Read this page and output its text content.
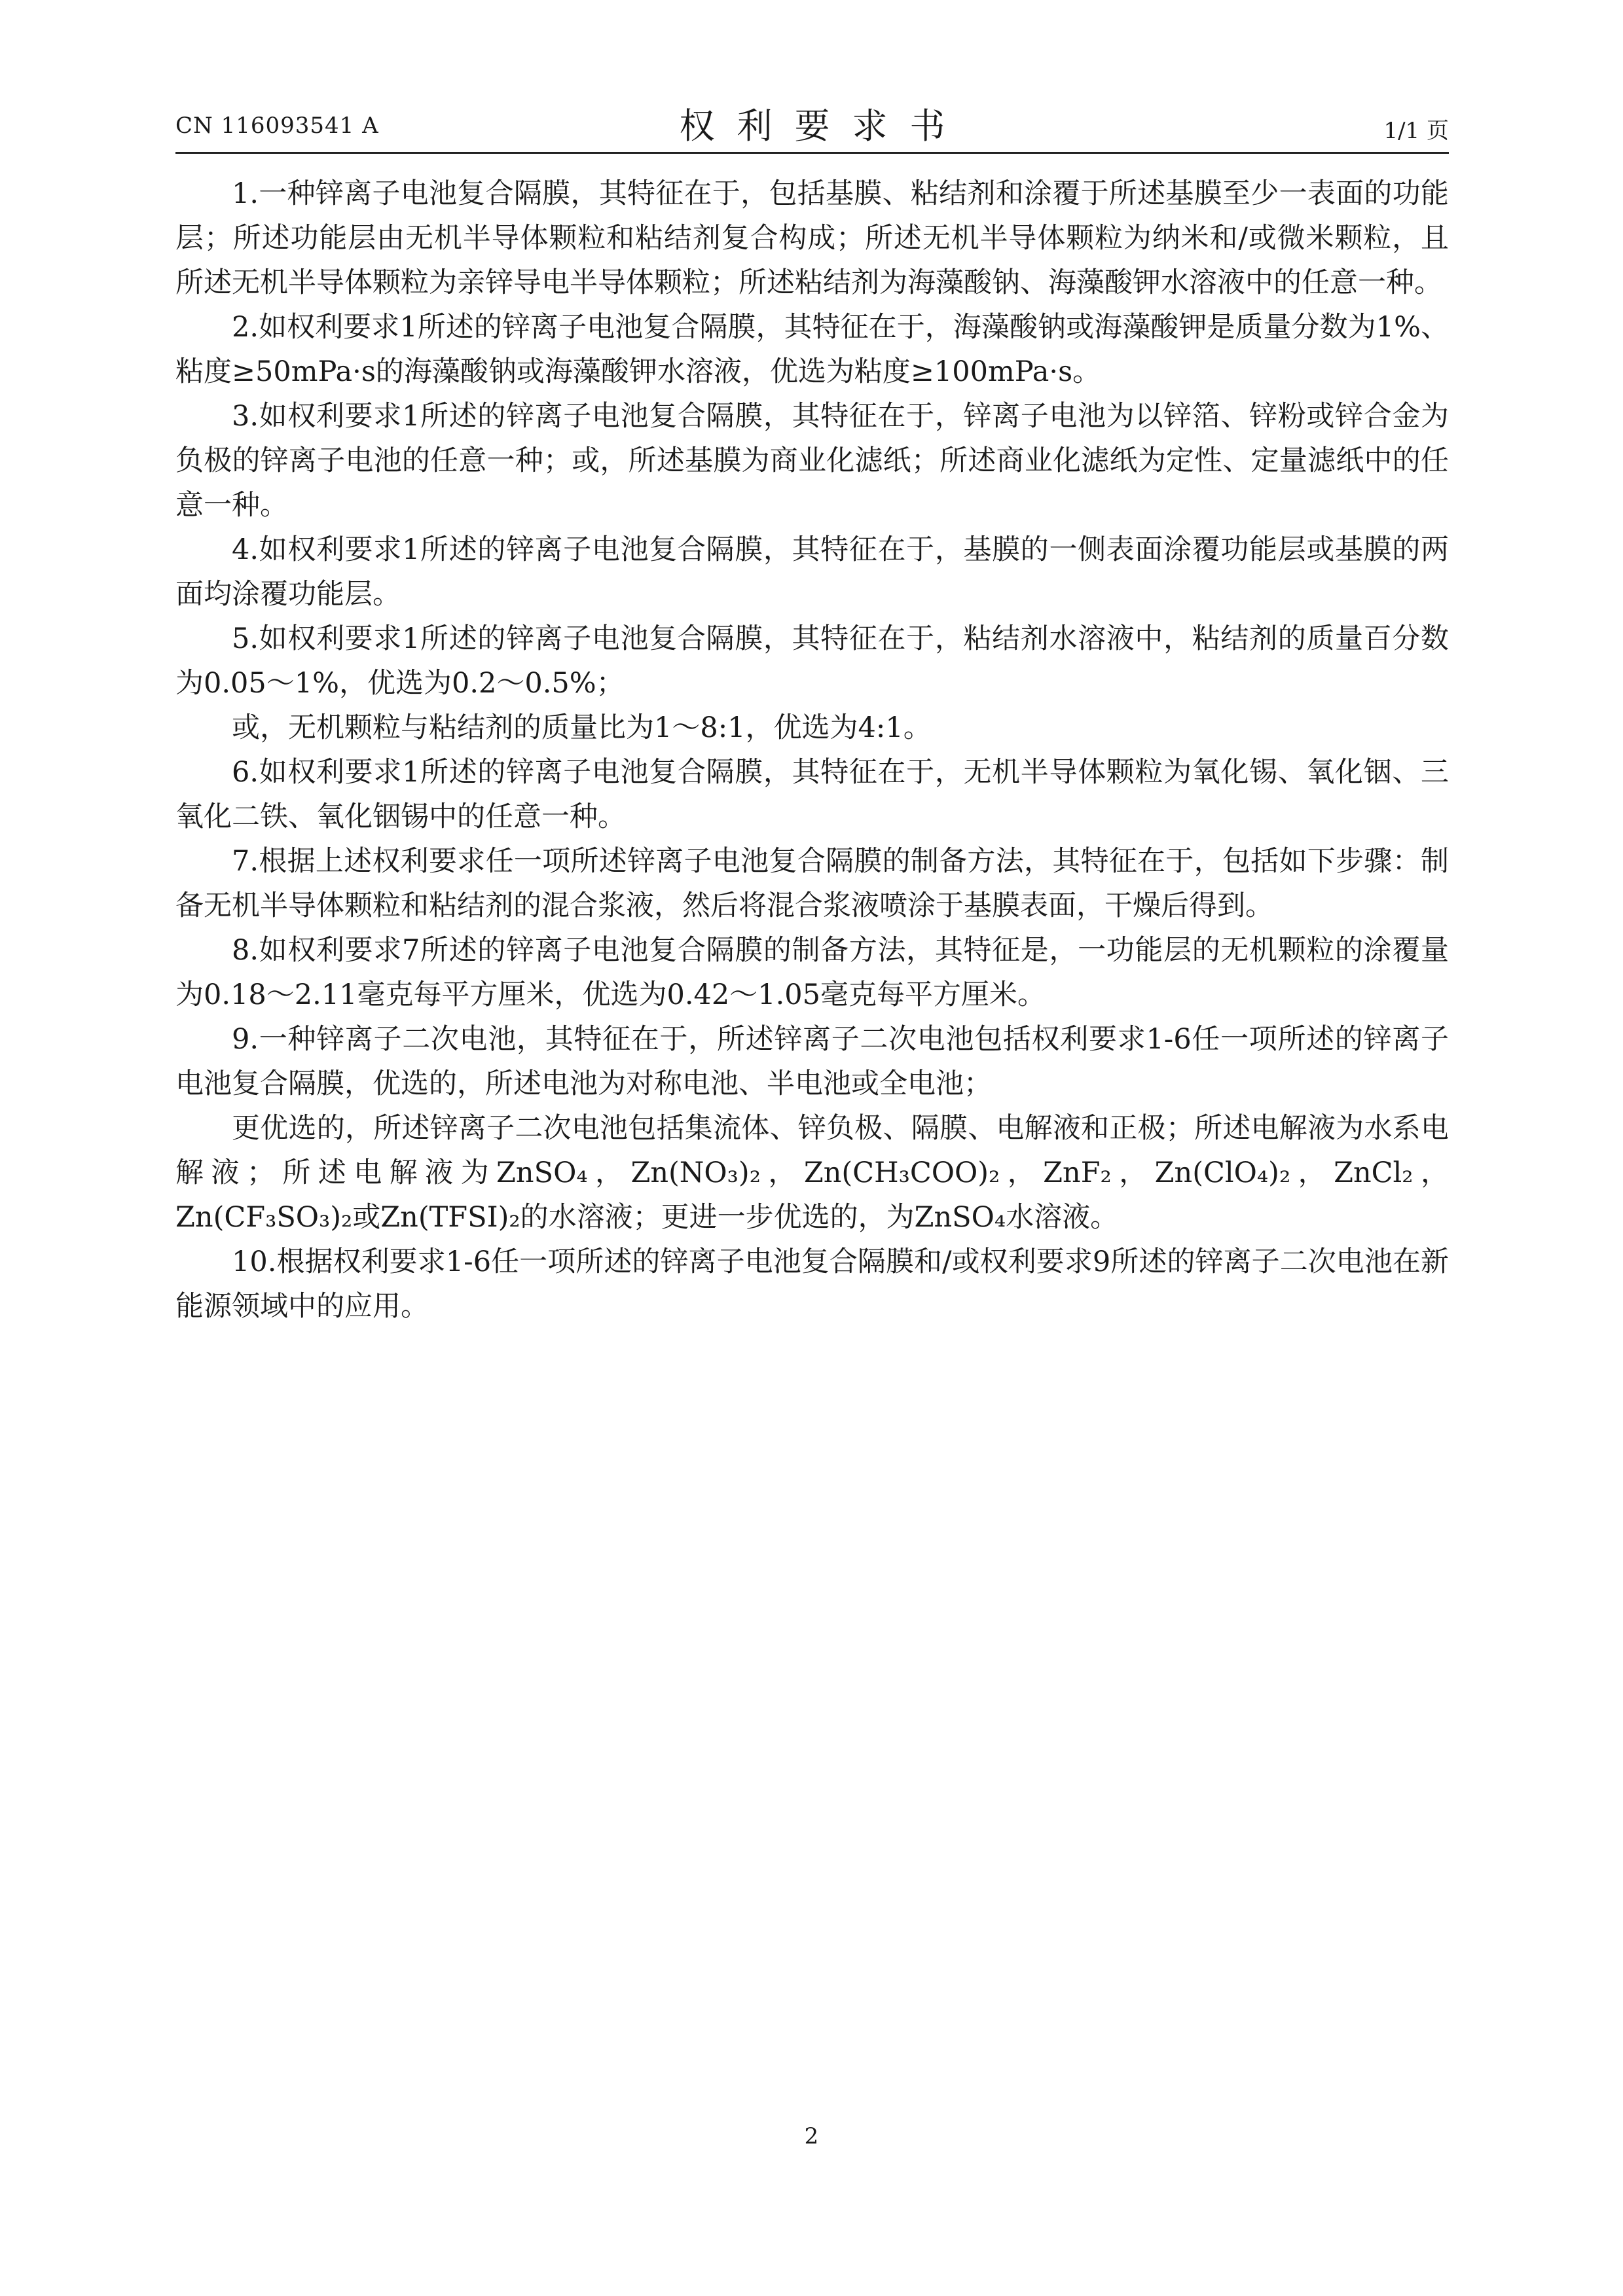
CN 116093541 A	权利要求书	1/1 页

1.一种锌离子电池复合隔膜，其特征在于，包括基膜、粘结剂和涂覆于所述基膜至少一表面的功能层；所述功能层由无机半导体颗粒和粘结剂复合构成；所述无机半导体颗粒为纳米和/或微米颗粒，且所述无机半导体颗粒为亲锌导电半导体颗粒；所述粘结剂为海藻酸钠、海藻酸钾水溶液中的任意一种。

2.如权利要求1所述的锌离子电池复合隔膜，其特征在于，海藻酸钠或海藻酸钾是质量分数为1%、粘度≥50mPa·s的海藻酸钠或海藻酸钾水溶液，优选为粘度≥100mPa·s。

3.如权利要求1所述的锌离子电池复合隔膜，其特征在于，锌离子电池为以锌箔、锌粉或锌合金为负极的锌离子电池的任意一种；或，所述基膜为商业化滤纸；所述商业化滤纸为定性、定量滤纸中的任意一种。

4.如权利要求1所述的锌离子电池复合隔膜，其特征在于，基膜的一侧表面涂覆功能层或基膜的两面均涂覆功能层。

5.如权利要求1所述的锌离子电池复合隔膜，其特征在于，粘结剂水溶液中，粘结剂的质量百分数为0.05～1%，优选为0.2～0.5%；

或，无机颗粒与粘结剂的质量比为1～8:1，优选为4:1。

6.如权利要求1所述的锌离子电池复合隔膜，其特征在于，无机半导体颗粒为氧化锡、氧化铟、三氧化二铁、氧化铟锡中的任意一种。

7.根据上述权利要求任一项所述锌离子电池复合隔膜的制备方法，其特征在于，包括如下步骤：制备无机半导体颗粒和粘结剂的混合浆液，然后将混合浆液喷涂于基膜表面，干燥后得到。

8.如权利要求7所述的锌离子电池复合隔膜的制备方法，其特征是，一功能层的无机颗粒的涂覆量为0.18～2.11毫克每平方厘米，优选为0.42～1.05毫克每平方厘米。

9.一种锌离子二次电池，其特征在于，所述锌离子二次电池包括权利要求1-6任一项所述的锌离子电池复合隔膜，优选的，所述电池为对称电池、半电池或全电池；

更优选的，所述锌离子二次电池包括集流体、锌负极、隔膜、电解液和正极；所述电解液为水系电解液；所述电解液为ZnSO₄，Zn(NO₃)₂，Zn(CH₃COO)₂，ZnF₂，Zn(ClO₄)₂，ZnCl₂，Zn(CF₃SO₃)₂或Zn(TFSI)₂的水溶液；更进一步优选的，为ZnSO₄水溶液。

10.根据权利要求1-6任一项所述的锌离子电池复合隔膜和/或权利要求9所述的锌离子二次电池在新能源领域中的应用。

2
